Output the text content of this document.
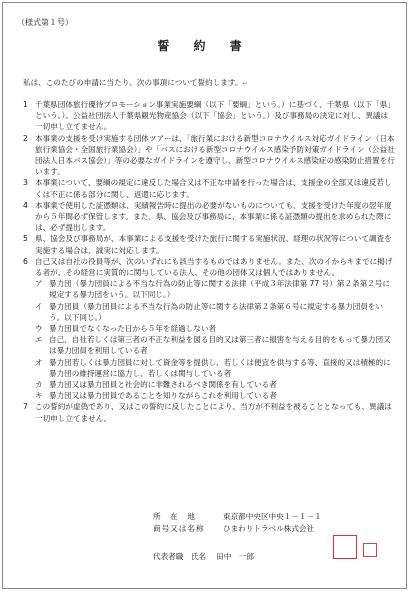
（様式第１号）
誓 約 書
私は、このたびの申請に当たり、次の事項について誓約します。↵
1 千葉県団体旅行優待プロモーション事業実施要綱（以下「要綱」という。）に基づく、千葉県（以下「県」という。）、公益社団法人千葉県観光物産協会（以下「協会」という。）及び事務局の決定に対し、異議は一切申し立てません。
2 本事業の支援を受け実施する団体ツアーは、「旅行業における新型コロナウイルス対応ガイドライン（日本旅行業協会・全国旅行業協会）」や「バスにおける新型コロナウイルス感染予防対策ガイドライン（公益社団法人日本バス協会）」等の必要なガイドラインを遵守し、新型コロナウイルス感染症の感染防止措置を行います。
3 本事業について、要綱の規定に違反した場合又は不正な申請を行った場合は、支援金の全部又は違反若しくは不正に係る部分に関し、返還に応じます。
4 本事業で使用した証憑類は、実績報告時に提出の必要がないものについても、支援を受けた年度の翌年度から５年間必ず保管します。また、県、協会及び事務局に、本事業に係る証憑類の提出を求められた際には、必ず提出します。
5 県、協会及び事務局が、本事業による支援を受けた旅行に関する実施状況、経理の状況等について調査を実施する場合は、誠実に対応します。
6 自己又は自社の役員等が、次のいずれにも該当するものではありません。また、次のイからキまでに掲げる者が、その経営に実質的に関与している法人、その他の団体又は個人ではありません。
ア 暴力団（暴力団員による不当な行為の防止等に関する法律（平成３年法律第 77 号）第２条第２号に規定する暴力団をいう。以下同じ。）
イ 暴力団員（暴力団員による不当な行為の防止等に関する法律第２条第６号に規定する暴力団員をいう。以下同じ。）
ウ 暴力団員でなくなった日から５年を経過しない者
エ 自己、自社若しくは第三者の不正な利益を図る目的又は第三者に損害を与える目的をもって暴力団又は暴力団員を利用している者
オ 暴力団若しくは暴力団員に対して資金等を提供し、若しくは便宜を供与する等、直接的又は積極的に暴力団の維持運営に協力し、若しくは関与している者
カ 暴力団又は暴力団員と社会的に非難されるべき関係を有している者
キ 暴力団又は暴力団員であることを知りながらこれを利用している者
7 この誓約が虚偽であり、又はこの誓約に反したことにより、当方が不利益を被ることとなっても、異議は一切申し立てません。
所　在　地	東京都中央区中央１－１－１
商号又は名称	ひまわりトラベル株式会社
代表者職　氏名 田中　一郎
